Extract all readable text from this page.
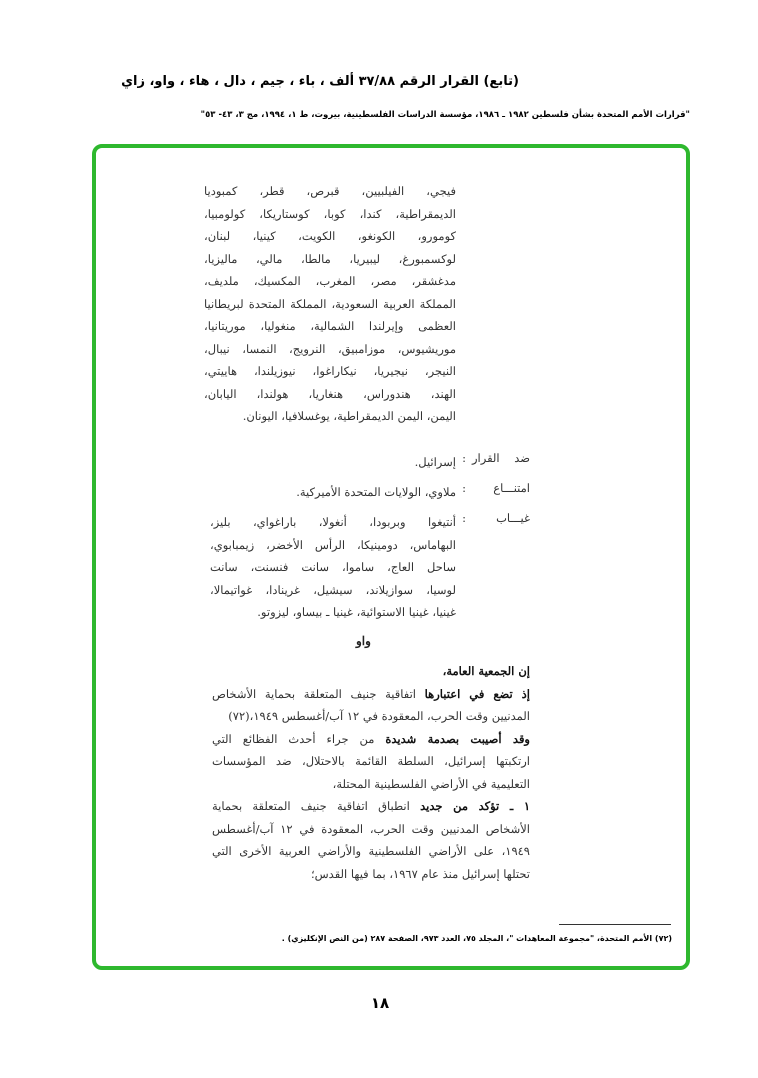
(تابع) القرار الرقم ٣٧/٨٨ ألف ، باء ، جيم ، دال ، هاء ، واو، زاي
"قرارات الأمم المتحدة بشأن فلسطين ١٩٨٢ ـ ١٩٨٦، مؤسسة الدراسات الفلسطينية، بيروت، ط ١، ١٩٩٤، مج ٣، ٤٣- ٥٣"
فيجي، الفيلبيين، قبرص، قطر، كمبوديا
الديمقراطية، كندا، كوبا، كوستاريكا، كولومبيا،
كومورو، الكونغو، الكويت، كينيا، لبنان،
لوكسمبورغ، ليبيريا، مالطا، مالي، ماليزيا،
مدغشقر، مصر، المغرب، المكسيك، ملديف،
المملكة العربية السعودية، المملكة المتحدة لبريطانيا
العظمى وإيرلندا الشمالية، منغوليا، موريتانيا،
موريشيوس، موزامبيق، النرويج، النمسا، نيبال،
النيجر، نيجيريا، نيكاراغوا، نيوزيلندا، هاييتي،
الهند، هندوراس، هنغاريا، هولندا، اليابان،
اليمن، اليمن الديمقراطية، يوغسلافيا، اليونان.
ضد القرار
:
إسرائيل.
امتنـــاع
:
ملاوي، الولايات المتحدة الأميركية.
غيـــاب
:
أنتيغوا وبربودا، أنغولا، باراغواي، بليز،
البهاماس، دومينيكا، الرأس الأخضر، زيمبابوي،
ساحل العاج، ساموا، سانت فنسنت، سانت
لوسيا، سوازيلاند، سيشيل، غرينادا، غواتيمالا،
غينيا، غينيا الاستوائية، غينيا ـ بيساو، ليزوتو.
واو
إن الجمعية العامة،
إذ تضع في اعتبارها اتفاقية جنيف المتعلقة بحماية الأشخاص
المدنيين وقت الحرب، المعقودة في ١٢ آب/أغسطس ١٩٤٩،(٧٢)
وقد أصيبت بصدمة شديدة من جراء أحدث الفظائع التي
ارتكبتها إسرائيل، السلطة القائمة بالاحتلال، ضد المؤسسات
التعليمية في الأراضي الفلسطينية المحتلة،
١ ـ تؤكد من جديد انطباق اتفاقية جنيف المتعلقة بحماية
الأشخاص المدنيين وقت الحرب، المعقودة في ١٢ آب/أغسطس
١٩٤٩، على الأراضي الفلسطينية والأراضي العربية الأخرى التي
تحتلها إسرائيل منذ عام ١٩٦٧، بما فيها القدس؛
(٧٢) الأمم المتحدة، "مجموعة المعاهدات "، المجلد ٧٥، العدد ٩٧٣، الصفحة ٢٨٧ (من النص الإنكليزي) .
١٨
